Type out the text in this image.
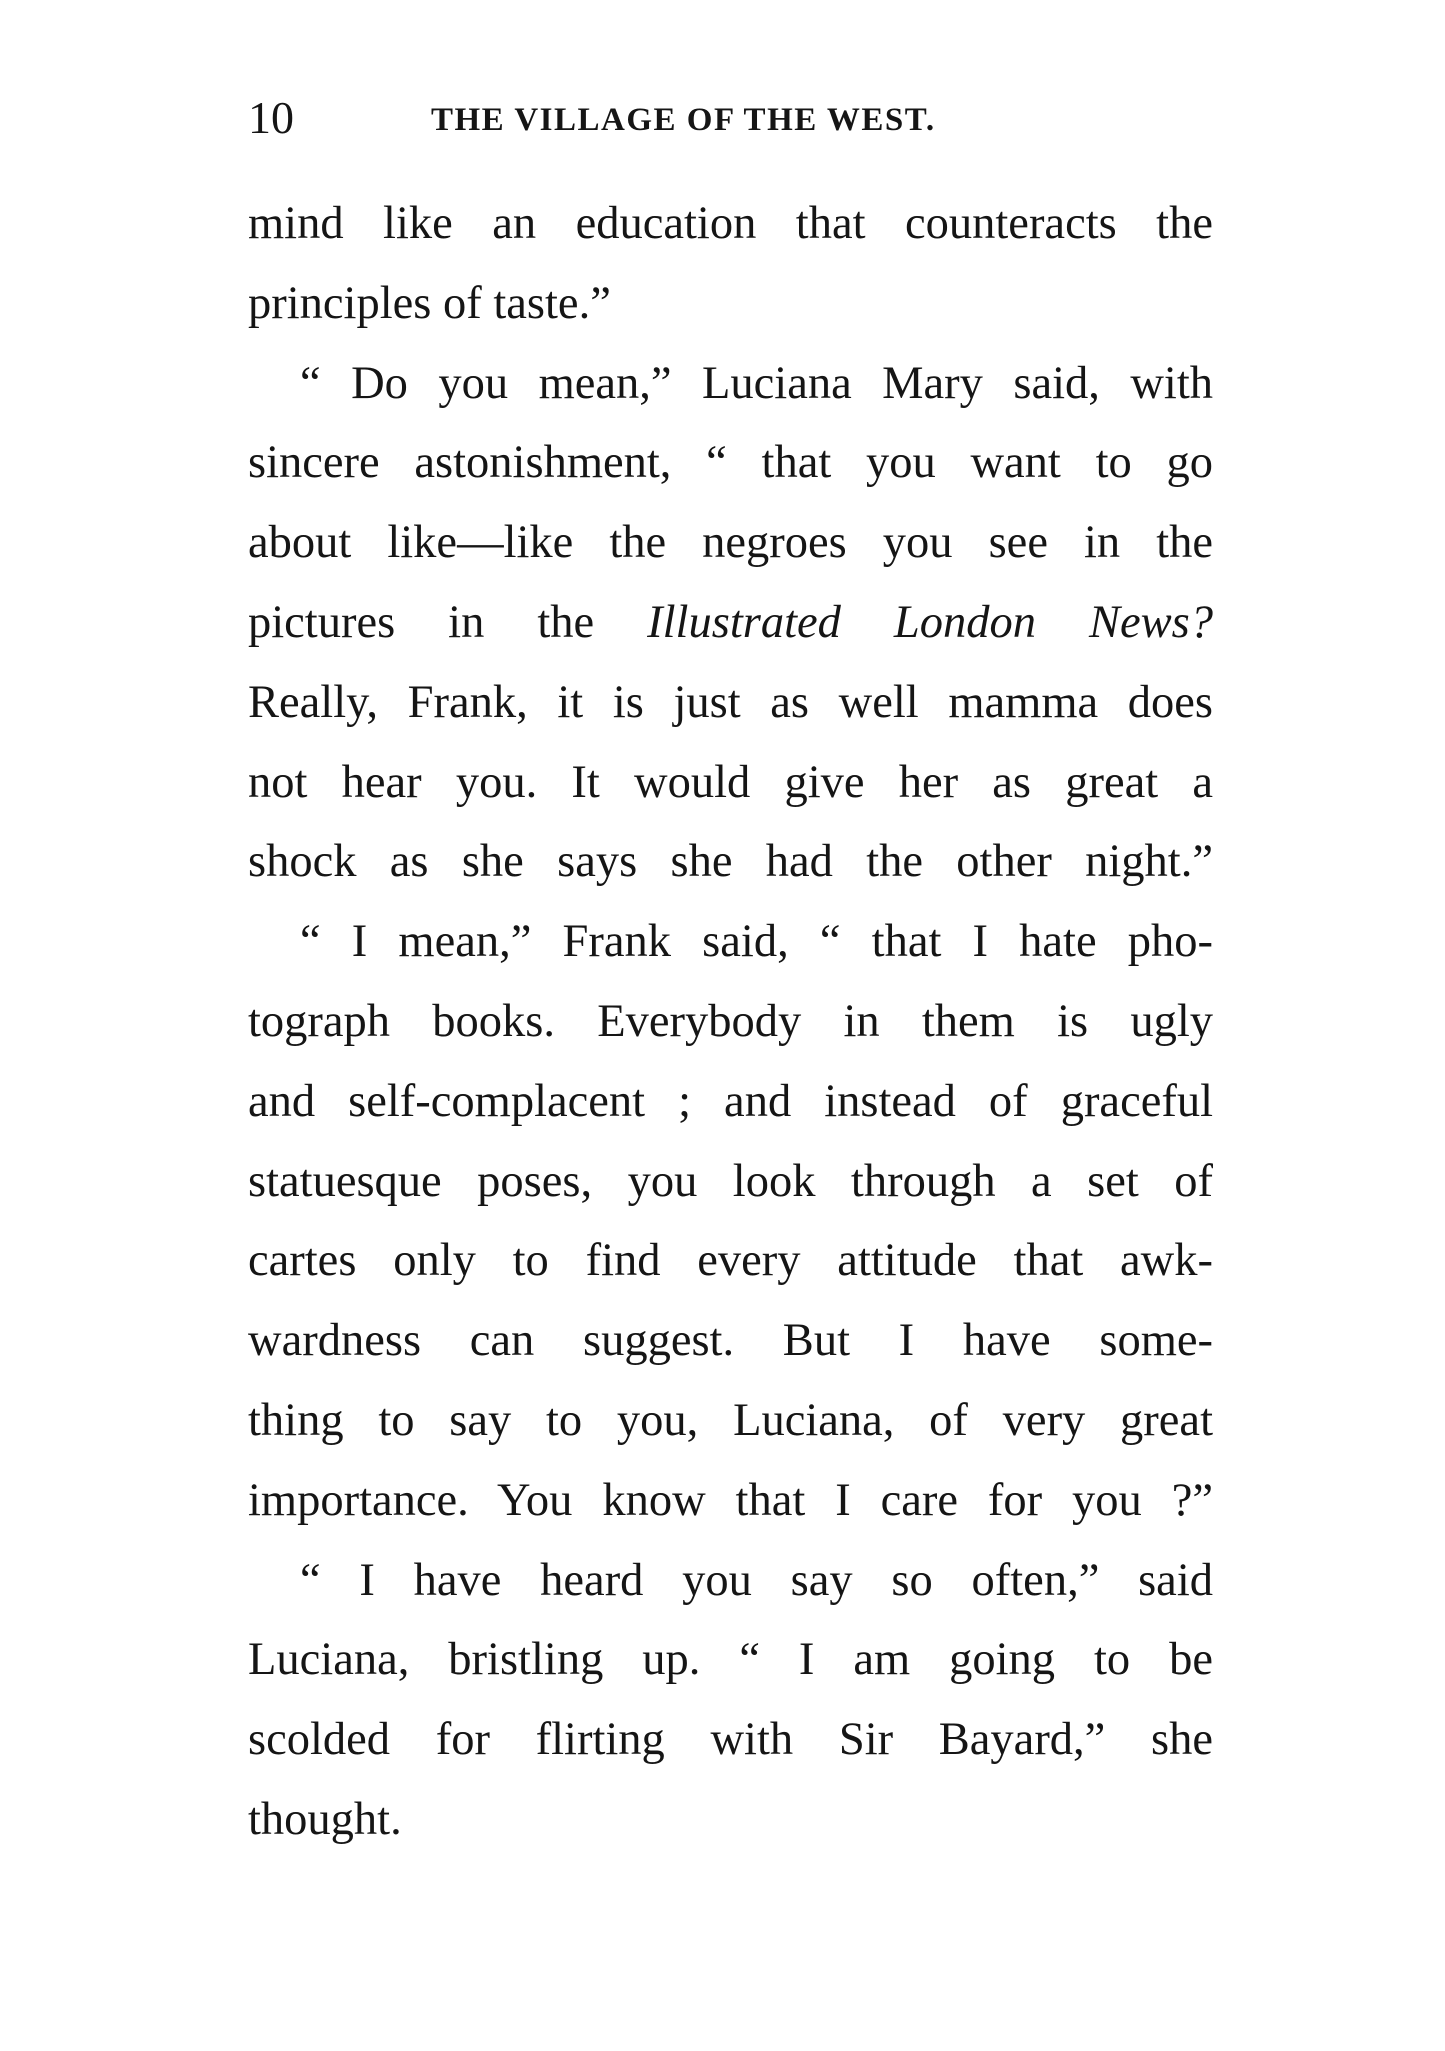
10	THE VILLAGE OF THE WEST.
mind like an education that counteracts the
principles of taste.”
“ Do you mean,” Luciana Mary said, with
sincere astonishment, “ that you want to go
about like—like the negroes you see in the
pictures in the Illustrated London News?
Really, Frank, it is just as well mamma does
not hear you. It would give her as great a
shock as she says she had the other night.”
“ I mean,” Frank said, “ that I hate pho-
tograph books. Everybody in them is ugly
and self-complacent ; and instead of graceful
statuesque poses, you look through a set of
cartes only to find every attitude that awk-
wardness can suggest. But I have some-
thing to say to you, Luciana, of very great
importance. You know that I care for you ?”
“ I have heard you say so often,” said
Luciana, bristling up. “ I am going to be
scolded for flirting with Sir Bayard,” she
thought.
